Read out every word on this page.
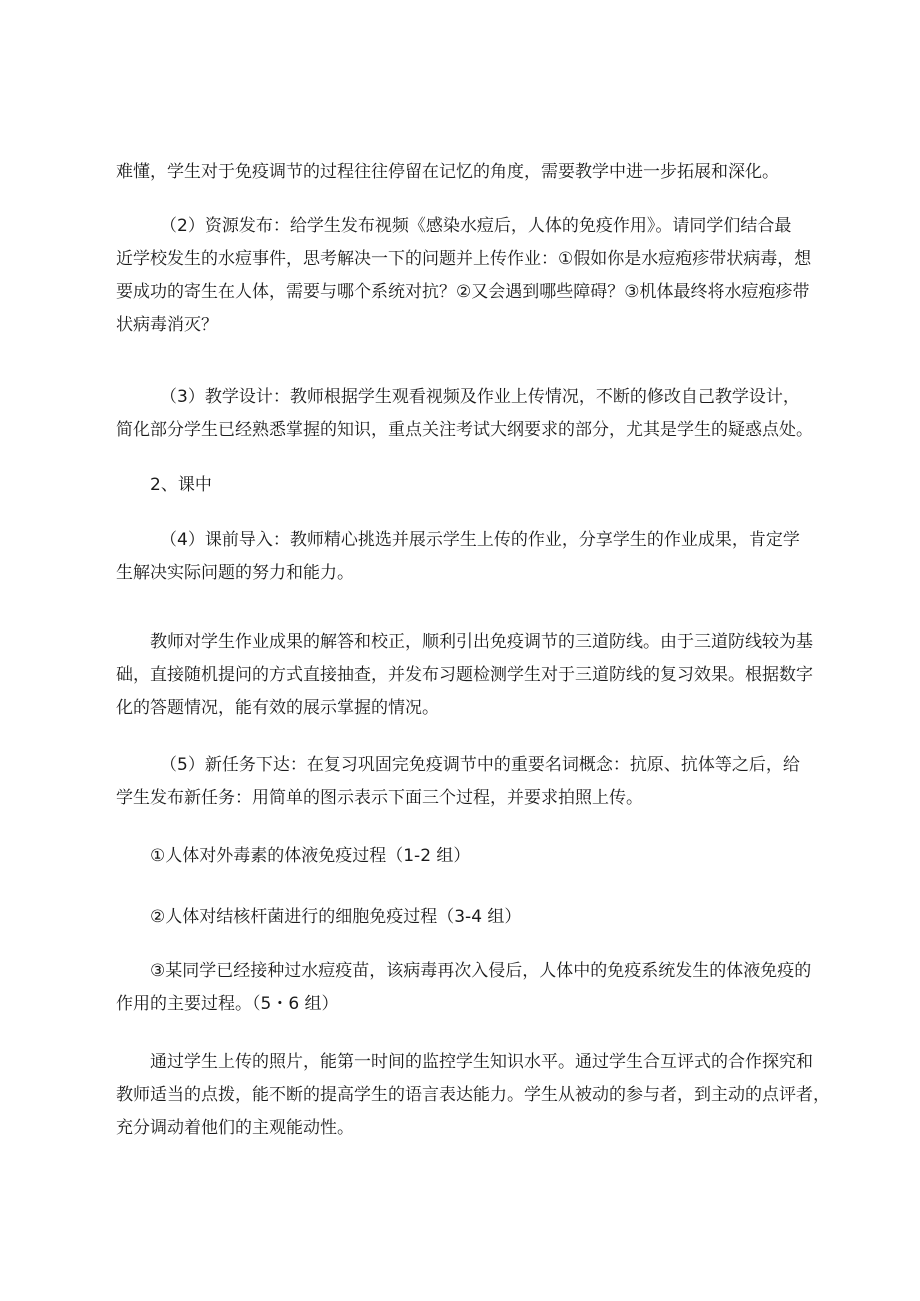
难懂，学生对于免疫调节的过程往往停留在记忆的角度，需要教学中进一步拓展和深化。

（2）资源发布：给学生发布视频《感染水痘后，人体的免疫作用》。请同学们结合最
近学校发生的水痘事件，思考解决一下的问题并上传作业：①假如你是水痘疱疹带状病毒，想
要成功的寄生在人体，需要与哪个系统对抗？②又会遇到哪些障碍？③机体最终将水痘疱疹带
状病毒消灭？

（3）教学设计：教师根据学生观看视频及作业上传情况，不断的修改自己教学设计，
简化部分学生已经熟悉掌握的知识，重点关注考试大纲要求的部分，尤其是学生的疑惑点处。

2、课中

（4）课前导入：教师精心挑选并展示学生上传的作业，分享学生的作业成果，肯定学
生解决实际问题的努力和能力。

教师对学生作业成果的解答和校正，顺利引出免疫调节的三道防线。由于三道防线较为基
础，直接随机提问的方式直接抽查，并发布习题检测学生对于三道防线的复习效果。根据数字
化的答题情况，能有效的展示掌握的情况。

（5）新任务下达：在复习巩固完免疫调节中的重要名词概念：抗原、抗体等之后，给
学生发布新任务：用简单的图示表示下面三个过程，并要求拍照上传。

①人体对外毒素的体液免疫过程（1-2 组）

②人体对结核杆菌进行的细胞免疫过程（3-4 组）

③某同学已经接种过水痘疫苗，该病毒再次入侵后，人体中的免疫系统发生的体液免疫的
作用的主要过程。（5・6 组）

通过学生上传的照片，能第一时间的监控学生知识水平。通过学生合互评式的合作探究和
教师适当的点拨，能不断的提高学生的语言表达能力。学生从被动的参与者，到主动的点评者，
充分调动着他们的主观能动性。
